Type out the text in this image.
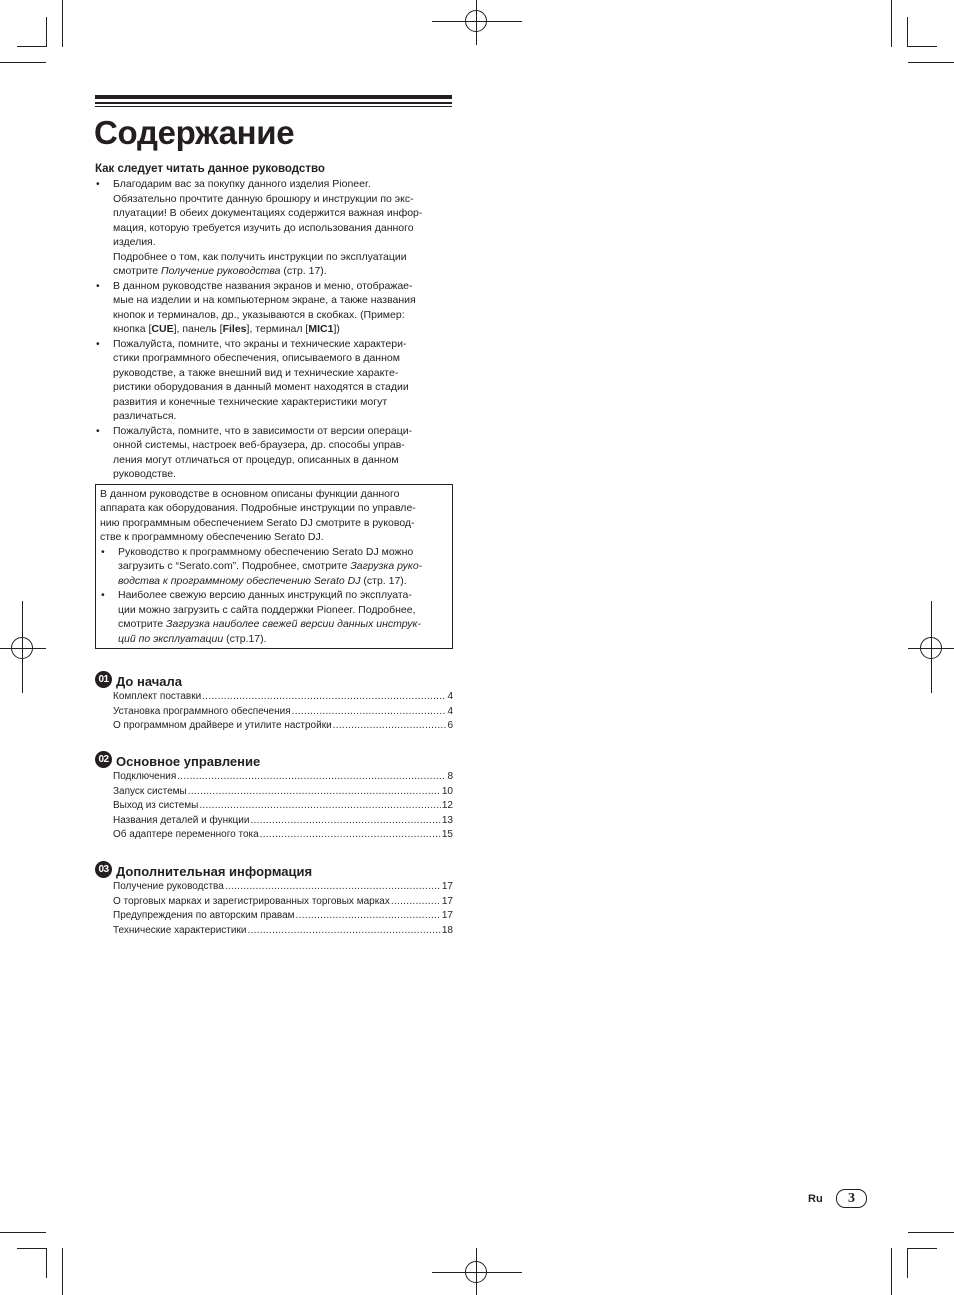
Содержание

Как следует читать данное руководство

• Благодарим вас за покупку данного изделия Pioneer.
Обязательно прочтите данную брошюру и инструкции по экс-
плуатации! В обеих документациях содержится важная инфор-
мация, которую требуется изучить до использования данного
изделия.
Подробнее о том, как получить инструкции по эксплуатации
смотрите Получение руководства (стр. 17).
• В данном руководстве названия экранов и меню, отображае-
мые на изделии и на компьютерном экране, а также названия
кнопок и терминалов, др., указываются в скобках. (Пример:
кнопка [CUE], панель [Files], терминал [MIC1])
• Пожалуйста, помните, что экраны и технические характери-
стики программного обеспечения, описываемого в данном
руководстве, а также внешний вид и технические характе-
ристики оборудования в данный момент находятся в стадии
развития и конечные технические характеристики могут
различаться.
• Пожалуйста, помните, что в зависимости от версии операци-
онной системы, настроек веб-браузера, др. способы управ-
ления могут отличаться от процедур, описанных в данном
руководстве.
В данном руководстве в основном описаны функции данного
аппарата как оборудования. Подробные инструкции по управле-
нию программным обеспечением Serato DJ смотрите в руковод-
стве к программному обеспечению Serato DJ.
• Руководство к программному обеспечению Serato DJ можно
загрузить с “Serato.com”. Подробнее, смотрите Загрузка руко-
водства к программному обеспечению Serato DJ (стр. 17).
• Наиболее свежую версию данных инструкций по эксплуата-
ции можно загрузить с сайта поддержки Pioneer. Подробнее,
смотрите Загрузка наиболее свежей версии данных инструк-
ций по эксплуатации (стр.17).
01 До начала
Комплект поставки .....	4
Установка программного обеспечения .....	4
О программном драйвере и утилите настройки .....	6
02 Основное управление
Подключения .....	8
Запуск системы .....	10
Выход из системы .....	12
Названия деталей и функции .....	13
Об адаптере переменного тока .....	15
03 Дополнительная информация
Получение руководства .....	17
О торговых марках и зарегистрированных торговых марках .....	17
Предупреждения по авторским правам .....	17
Технические характеристики .....	18
Ru	3
